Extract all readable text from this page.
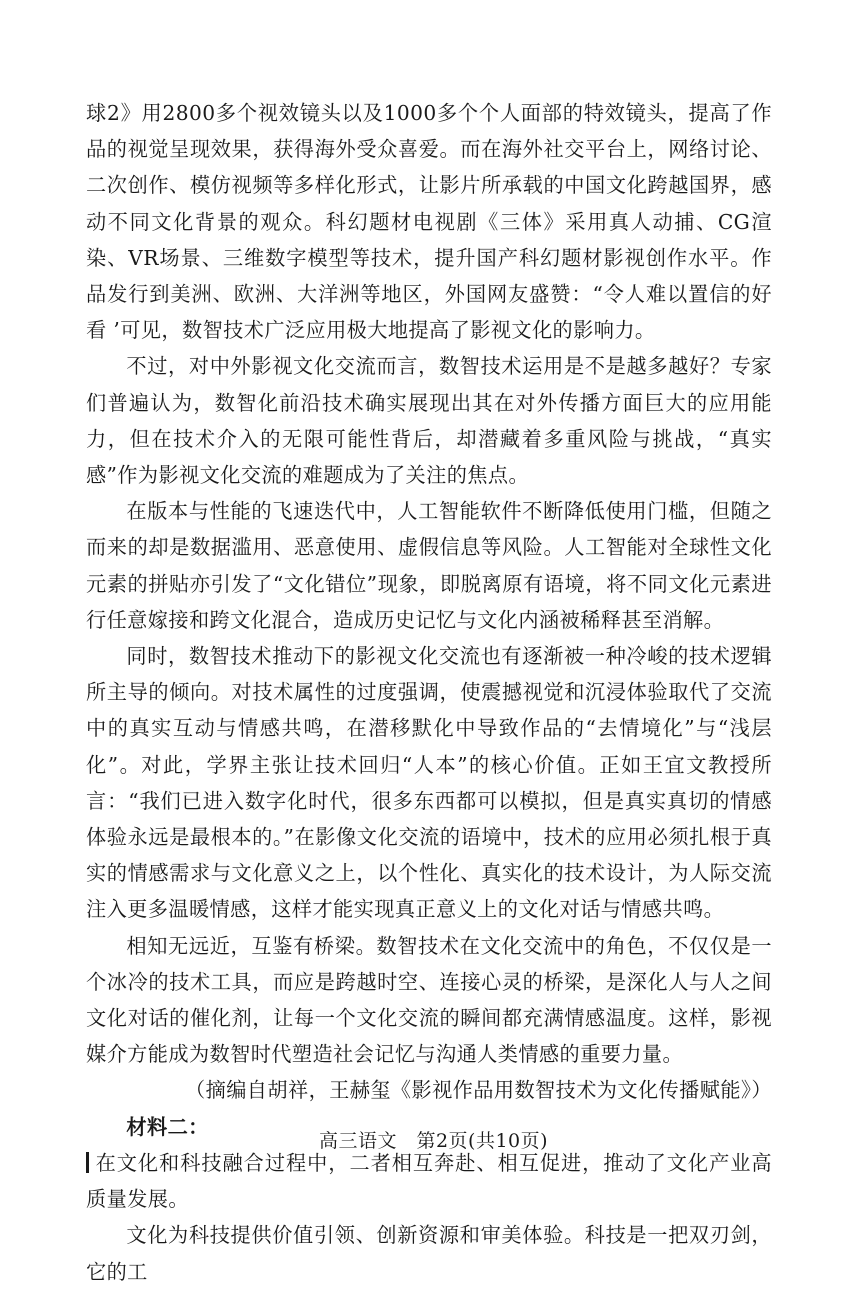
球2》用2800多个视效镜头以及1000多个个人面部的特效镜头，提高了作品的视觉呈现效果，获得海外受众喜爱。而在海外社交平台上，网络讨论、二次创作、模仿视频等多样化形式，让影片所承载的中国文化跨越国界，感动不同文化背景的观众。科幻题材电视剧《三体》采用真人动捕、CG渲染、VR场景、三维数字模型等技术，提升国产科幻题材影视创作水平。作品发行到美洲、欧洲、大洋洲等地区，外国网友盛赞：“令人难以置信的好看 ’可见，数智技术广泛应用极大地提高了影视文化的影响力。

不过，对中外影视文化交流而言，数智技术运用是不是越多越好？专家们普遍认为，数智化前沿技术确实展现出其在对外传播方面巨大的应用能力，但在技术介入的无限可能性背后，却潜藏着多重风险与挑战，“真实感”作为影视文化交流的难题成为了关注的焦点。

在版本与性能的飞速迭代中，人工智能软件不断降低使用门槛，但随之而来的却是数据滥用、恶意使用、虚假信息等风险。人工智能对全球性文化元素的拼贴亦引发了“文化错位”现象，即脱离原有语境，将不同文化元素进行任意嫁接和跨文化混合，造成历史记忆与文化内涵被稀释甚至消解。

同时，数智技术推动下的影视文化交流也有逐渐被一种冷峻的技术逻辑所主导的倾向。对技术属性的过度强调，使震撼视觉和沉浸体验取代了交流中的真实互动与情感共鸣，在潜移默化中导致作品的“去情境化”与“浅层化”。对此，学界主张让技术回归“人本”的核心价值。正如王宜文教授所言：“我们已进入数字化时代，很多东西都可以模拟，但是真实真切的情感体验永远是最根本的。”在影像文化交流的语境中，技术的应用必须扎根于真实的情感需求与文化意义之上，以个性化、真实化的技术设计，为人际交流注入更多温暖情感，这样才能实现真正意义上的文化对话与情感共鸣。

相知无远近，互鉴有桥梁。数智技术在文化交流中的角色，不仅仅是一个冰冷的技术工具，而应是跨越时空、连接心灵的桥梁，是深化人与人之间文化对话的催化剂，让每一个文化交流的瞬间都充满情感温度。这样，影视媒介方能成为数智时代塑造社会记忆与沟通人类情感的重要力量。

（摘编自胡祥，王赫玺《影视作品用数智技术为文化传播赋能》）

材料二：

在文化和科技融合过程中，二者相互奔赴、相互促进，推动了文化产业高质量发展。

文化为科技提供价值引领、创新资源和审美体验。科技是一把双刃剑，它的工

高三语文　第2页(共10页)
